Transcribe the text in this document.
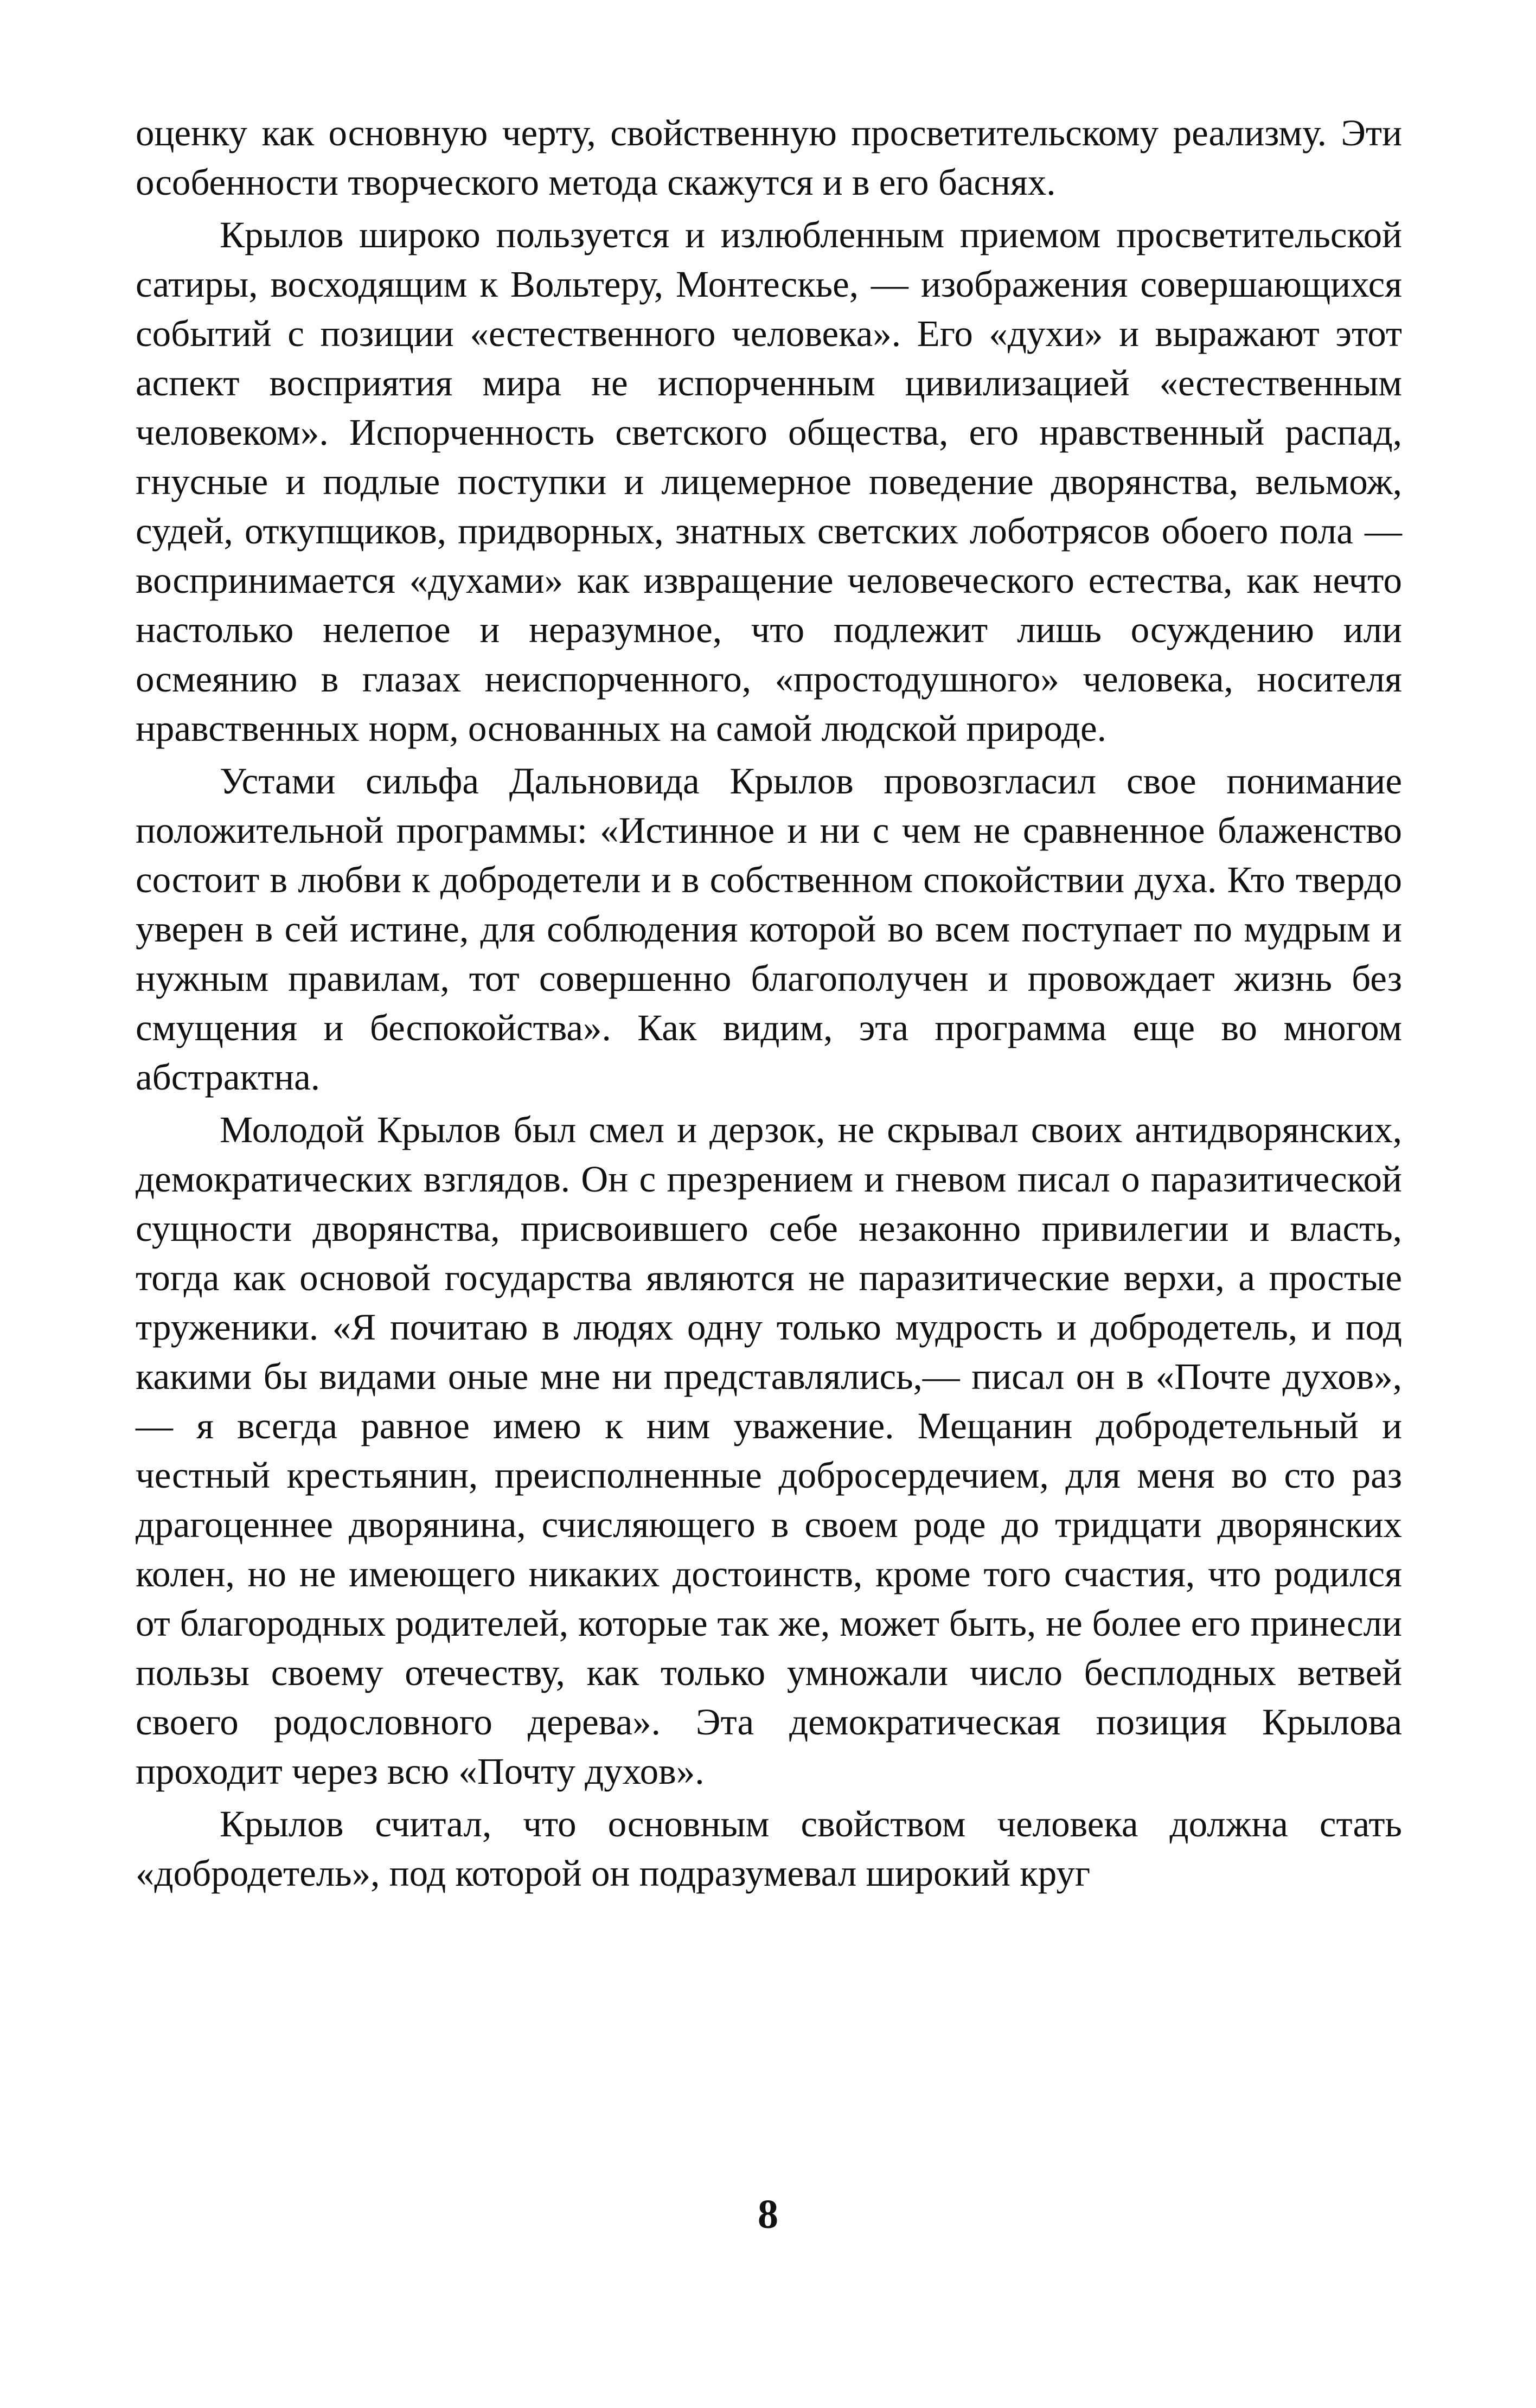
оценку как основную черту, свойственную просветительскому реализму. Эти особенности творческого метода скажутся и в его баснях.

Крылов широко пользуется и излюбленным приемом просветительской сатиры, восходящим к Вольтеру, Монтескье, — изображения совершающихся событий с позиции «естественного человека». Его «духи» и выражают этот аспект восприятия мира не испорченным цивилизацией «естественным человеком». Испорченность светского общества, его нравственный распад, гнусные и подлые поступки и лицемерное поведение дворянства, вельмож, судей, откупщиков, придворных, знатных светских лоботрясов обоего пола — воспринимается «духами» как извращение человеческого естества, как нечто настолько нелепое и неразумное, что подлежит лишь осуждению или осмеянию в глазах неиспорченного, «простодушного» человека, носителя нравственных норм, основанных на самой людской природе.

Устами сильфа Дальновида Крылов провозгласил свое понимание положительной программы: «Истинное и ни с чем не сравненное блаженство состоит в любви к добродетели и в собственном спокойствии духа. Кто твердо уверен в сей истине, для соблюдения которой во всем поступает по мудрым и нужным правилам, тот совершенно благополучен и провождает жизнь без смущения и беспокойства». Как видим, эта программа еще во многом абстрактна.

Молодой Крылов был смел и дерзок, не скрывал своих антидворянских, демократических взглядов. Он с презрением и гневом писал о паразитической сущности дворянства, присвоившего себе незаконно привилегии и власть, тогда как основой государства являются не паразитические верхи, а простые труженики. «Я почитаю в людях одну только мудрость и добродетель, и под какими бы видами оные мне ни представлялись,— писал он в «Почте духов», — я всегда равное имею к ним уважение. Мещанин добродетельный и честный крестьянин, преисполненные добросердечием, для меня во сто раз драгоценнее дворянина, счисляющего в своем роде до тридцати дворянских колен, но не имеющего никаких достоинств, кроме того счастия, что родился от благородных родителей, которые так же, может быть, не более его принесли пользы своему отечеству, как только умножали число бесплодных ветвей своего родословного дерева». Эта демократическая позиция Крылова проходит через всю «Почту духов».

Крылов считал, что основным свойством человека должна стать «добродетель», под которой он подразумевал широкий круг

8
